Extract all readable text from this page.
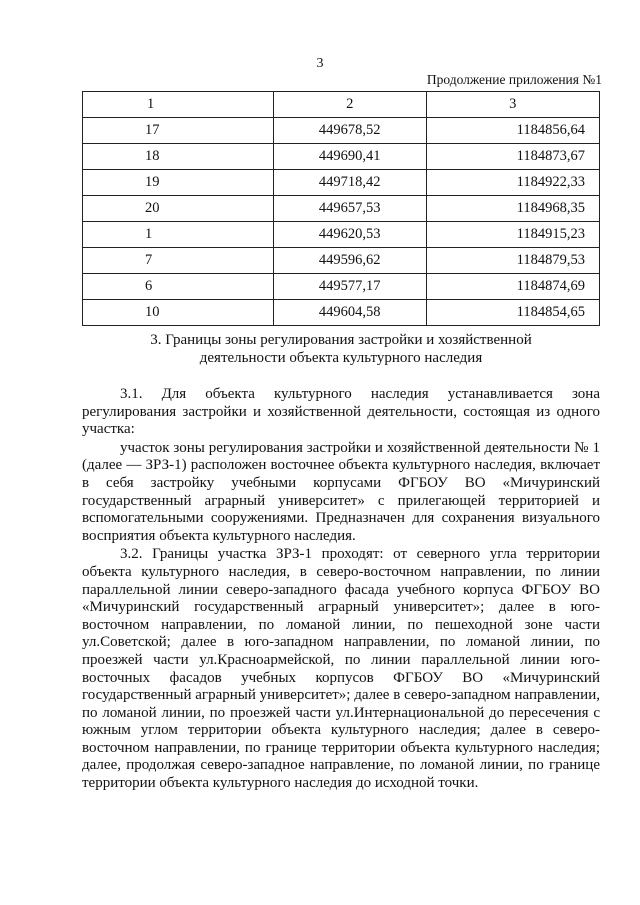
3
Продолжение приложения №1
1	2	3
17	449678,52	1184856,64
18	449690,41	1184873,67
19	449718,42	1184922,33
20	449657,53	1184968,35
1	449620,53	1184915,23
7	449596,62	1184879,53
6	449577,17	1184874,69
10	449604,58	1184854,65
3. Границы зоны регулирования застройки и хозяйственной
деятельности объекта культурного наследия

3.1. Для объекта культурного наследия устанавливается зона регулирования застройки и хозяйственной деятельности, состоящая из одного участка:

участок зоны регулирования застройки и хозяйственной деятельности № 1 (далее — ЗРЗ-1) расположен восточнее объекта культурного наследия, включает в себя застройку учебными корпусами ФГБОУ ВО «Мичуринский государственный аграрный университет» с прилегающей территорией и вспомогательными сооружениями. Предназначен для сохранения визуального восприятия объекта культурного наследия.

3.2. Границы участка ЗРЗ-1 проходят: от северного угла территории объекта культурного наследия, в северо-восточном направлении, по линии параллельной линии северо-западного фасада учебного корпуса ФГБОУ ВО «Мичуринский государственный аграрный университет»; далее в юго-восточном направлении, по ломаной линии, по пешеходной зоне части ул.Советской; далее в юго-западном направлении, по ломаной линии, по проезжей части ул.Красноармейской, по линии параллельной линии юго-восточных фасадов учебных корпусов ФГБОУ ВО «Мичуринский государственный аграрный университет»; далее в северо-западном направлении, по ломаной линии, по проезжей части ул.Интернациональной до пересечения с южным углом территории объекта культурного наследия; далее в северо-восточном направлении, по границе территории объекта культурного наследия; далее, продолжая северо-западное направление, по ломаной линии, по границе территории объекта культурного наследия до исходной точки.
